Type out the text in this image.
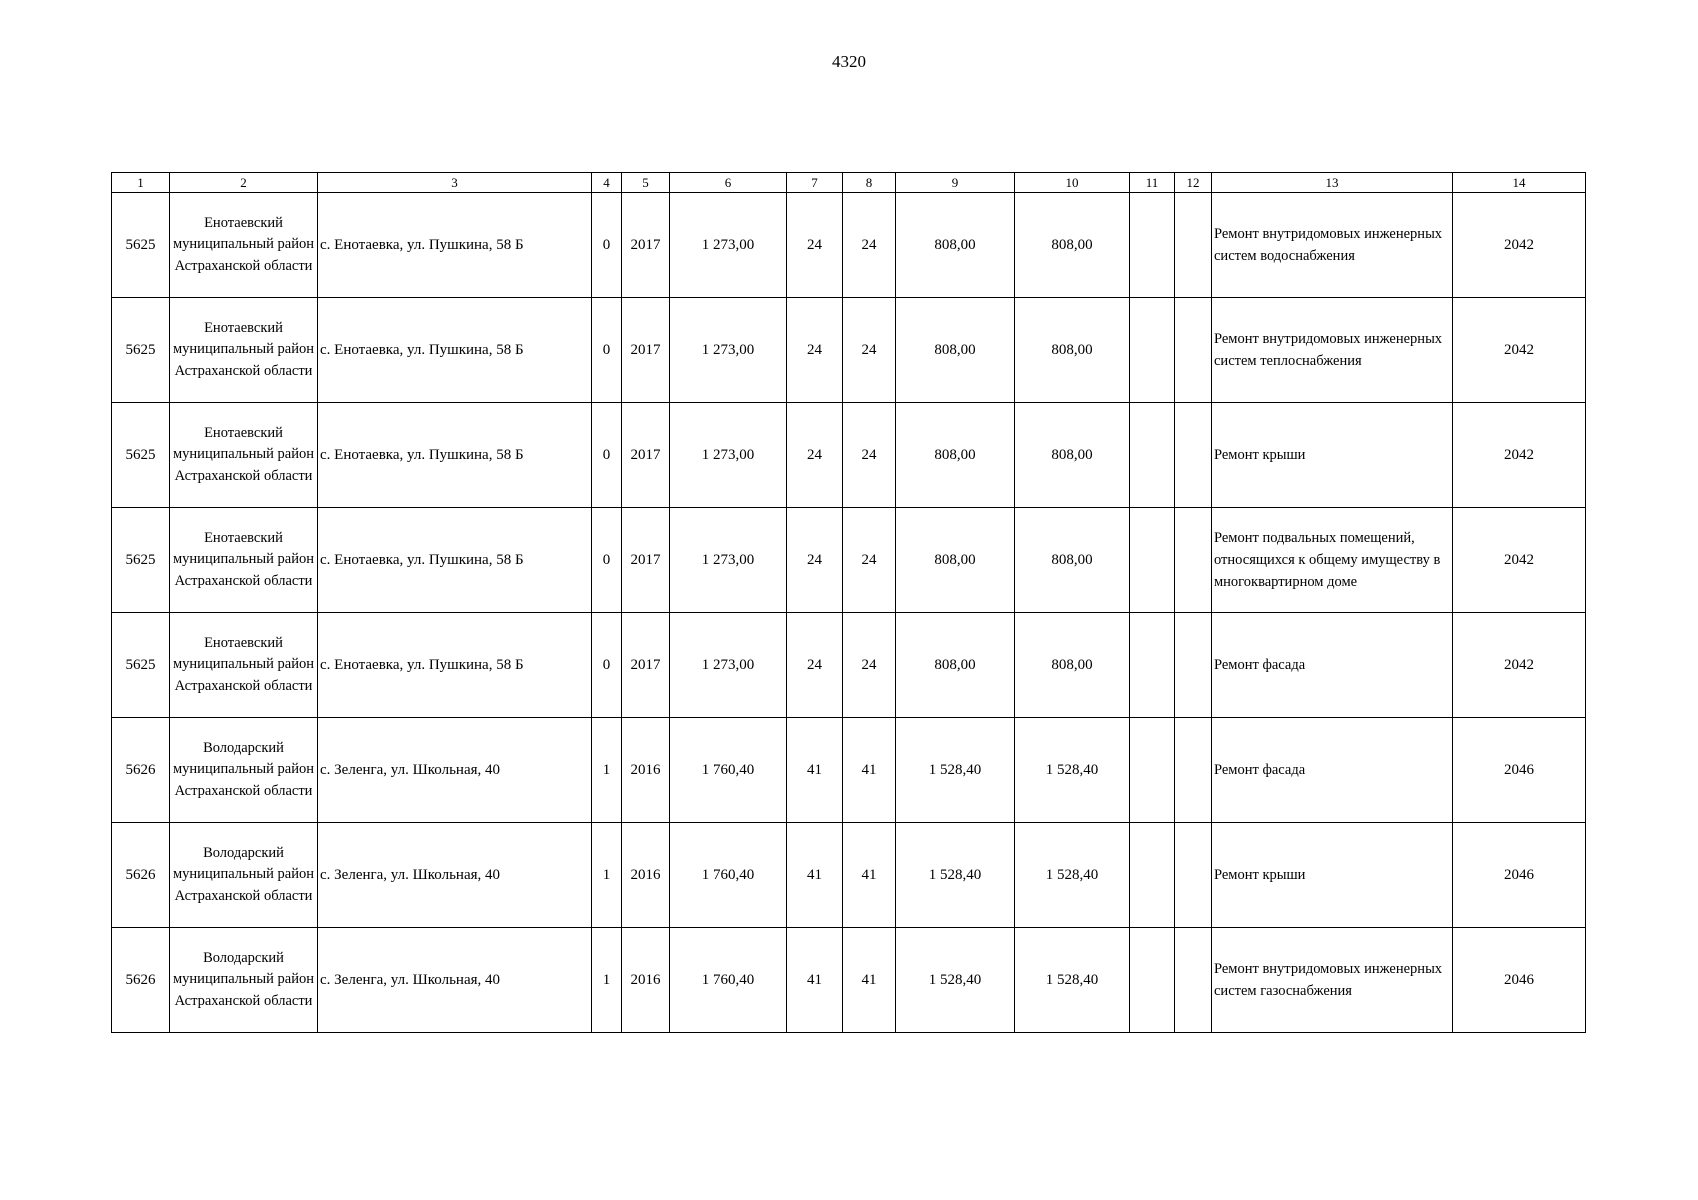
4320
1	2	3	4	5	6	7	8	9	10	11	12	13	14
5625	Енотаевский муниципальный район Астраханской области	с. Енотаевка, ул. Пушкина, 58 Б	0	2017	1 273,00	24	24	808,00	808,00			Ремонт внутридомовых инженерных систем водоснабжения	2042
5625	Енотаевский муниципальный район Астраханской области	с. Енотаевка, ул. Пушкина, 58 Б	0	2017	1 273,00	24	24	808,00	808,00			Ремонт внутридомовых инженерных систем теплоснабжения	2042
5625	Енотаевский муниципальный район Астраханской области	с. Енотаевка, ул. Пушкина, 58 Б	0	2017	1 273,00	24	24	808,00	808,00			Ремонт крыши	2042
5625	Енотаевский муниципальный район Астраханской области	с. Енотаевка, ул. Пушкина, 58 Б	0	2017	1 273,00	24	24	808,00	808,00			Ремонт подвальных помещений, относящихся к общему имуществу в многоквартирном доме	2042
5625	Енотаевский муниципальный район Астраханской области	с. Енотаевка, ул. Пушкина, 58 Б	0	2017	1 273,00	24	24	808,00	808,00			Ремонт фасада	2042
5626	Володарский муниципальный район Астраханской области	с. Зеленга, ул. Школьная, 40	1	2016	1 760,40	41	41	1 528,40	1 528,40			Ремонт фасада	2046
5626	Володарский муниципальный район Астраханской области	с. Зеленга, ул. Школьная, 40	1	2016	1 760,40	41	41	1 528,40	1 528,40			Ремонт крыши	2046
5626	Володарский муниципальный район Астраханской области	с. Зеленга, ул. Школьная, 40	1	2016	1 760,40	41	41	1 528,40	1 528,40			Ремонт внутридомовых инженерных систем газоснабжения	2046
